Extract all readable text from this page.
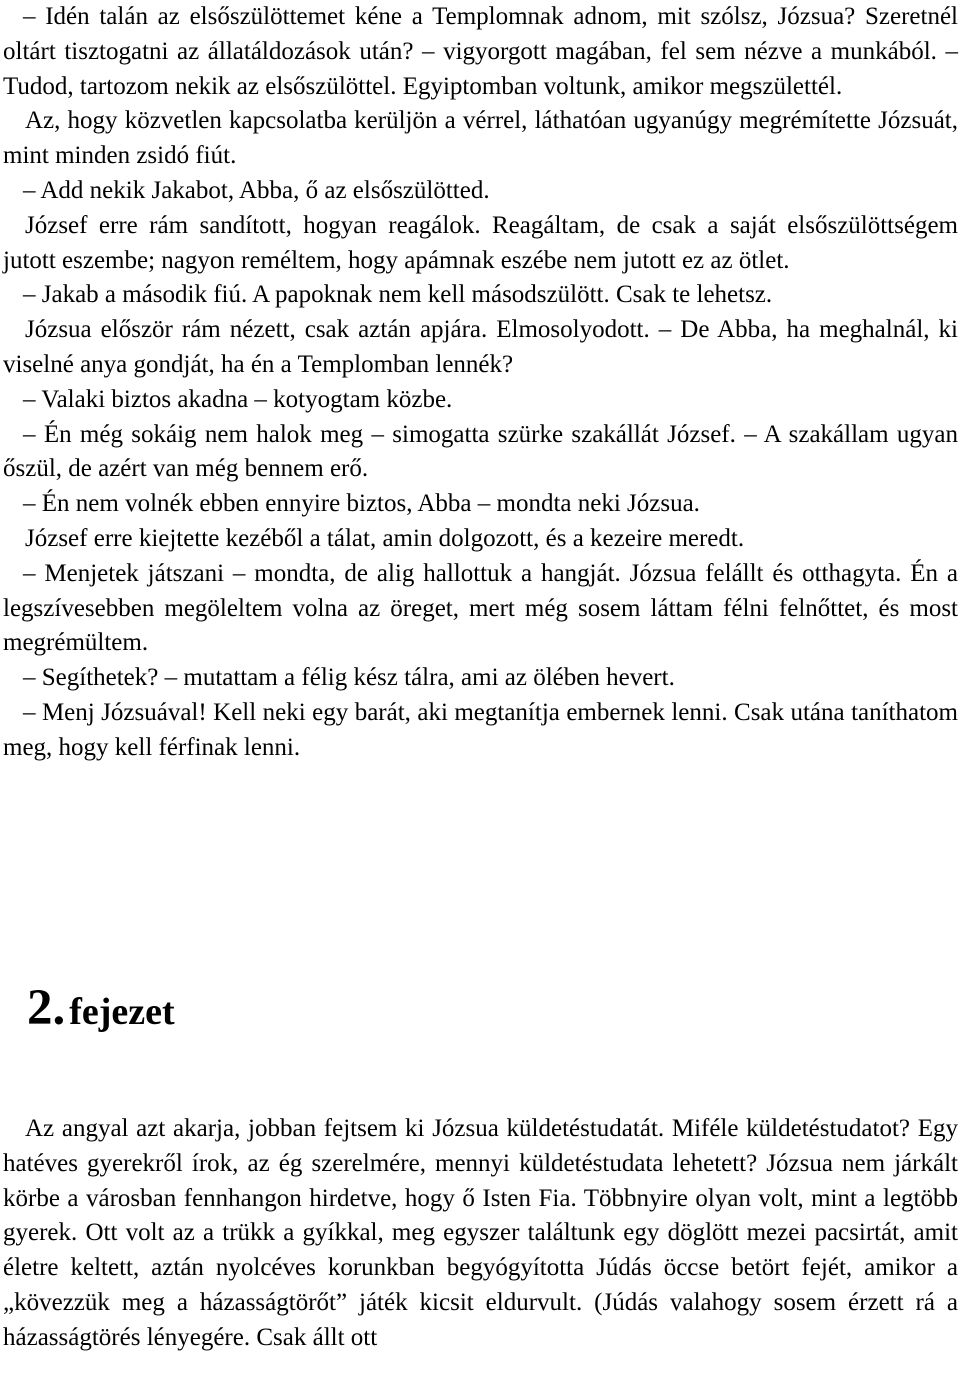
– Idén talán az elsőszülöttemet kéne a Templomnak adnom, mit szólsz, Józsua? Szeretnél oltárt tisztogatni az állatáldozások után? – vigyorgott magában, fel sem nézve a munkából. – Tudod, tartozom nekik az elsőszülöttel. Egyiptomban voltunk, amikor megszülettél.

Az, hogy közvetlen kapcsolatba kerüljön a vérrel, láthatóan ugyanúgy megrémítette Józsuát, mint minden zsidó fiút.

– Add nekik Jakabot, Abba, ő az elsőszülötted.

József erre rám sandított, hogyan reagálok. Reagáltam, de csak a saját elsőszülöttségem jutott eszembe; nagyon reméltem, hogy apámnak eszébe nem jutott ez az ötlet.

– Jakab a második fiú. A papoknak nem kell másodszülött. Csak te lehetsz.

Józsua először rám nézett, csak aztán apjára. Elmosolyodott. – De Abba, ha meghalnál, ki viselné anya gondját, ha én a Templomban lennék?

– Valaki biztos akadna – kotyogtam közbe.

– Én még sokáig nem halok meg – simogatta szürke szakállát József. – A szakállam ugyan őszül, de azért van még bennem erő.

– Én nem volnék ebben ennyire biztos, Abba – mondta neki Józsua.

József erre kiejtette kezéből a tálat, amin dolgozott, és a kezeire meredt.

– Menjetek játszani – mondta, de alig hallottuk a hangját. Józsua felállt és otthagyta. Én a legszívesebben megöleltem volna az öreget, mert még sosem láttam félni felnőttet, és most megrémültem.

– Segíthetek? – mutattam a félig kész tálra, ami az ölében hevert.

– Menj Józsuával! Kell neki egy barát, aki megtanítja embernek lenni. Csak utána taníthatom meg, hogy kell férfinak lenni.

2. fejezet

Az angyal azt akarja, jobban fejtsem ki Józsua küldetéstudatát. Miféle küldetéstudatot? Egy hatéves gyerekről írok, az ég szerelmére, mennyi küldetéstudata lehetett? Józsua nem járkált körbe a városban fennhangon hirdetve, hogy ő Isten Fia. Többnyire olyan volt, mint a legtöbb gyerek. Ott volt az a trükk a gyíkkal, meg egyszer találtunk egy döglött mezei pacsirtát, amit életre keltett, aztán nyolcéves korunkban begyógyította Júdás öccse betört fejét, amikor a „kövezzük meg a házasságtörőt” játék kicsit eldurvult. (Júdás valahogy sosem érzett rá a házasságtörés lényegére. Csak állt ott
